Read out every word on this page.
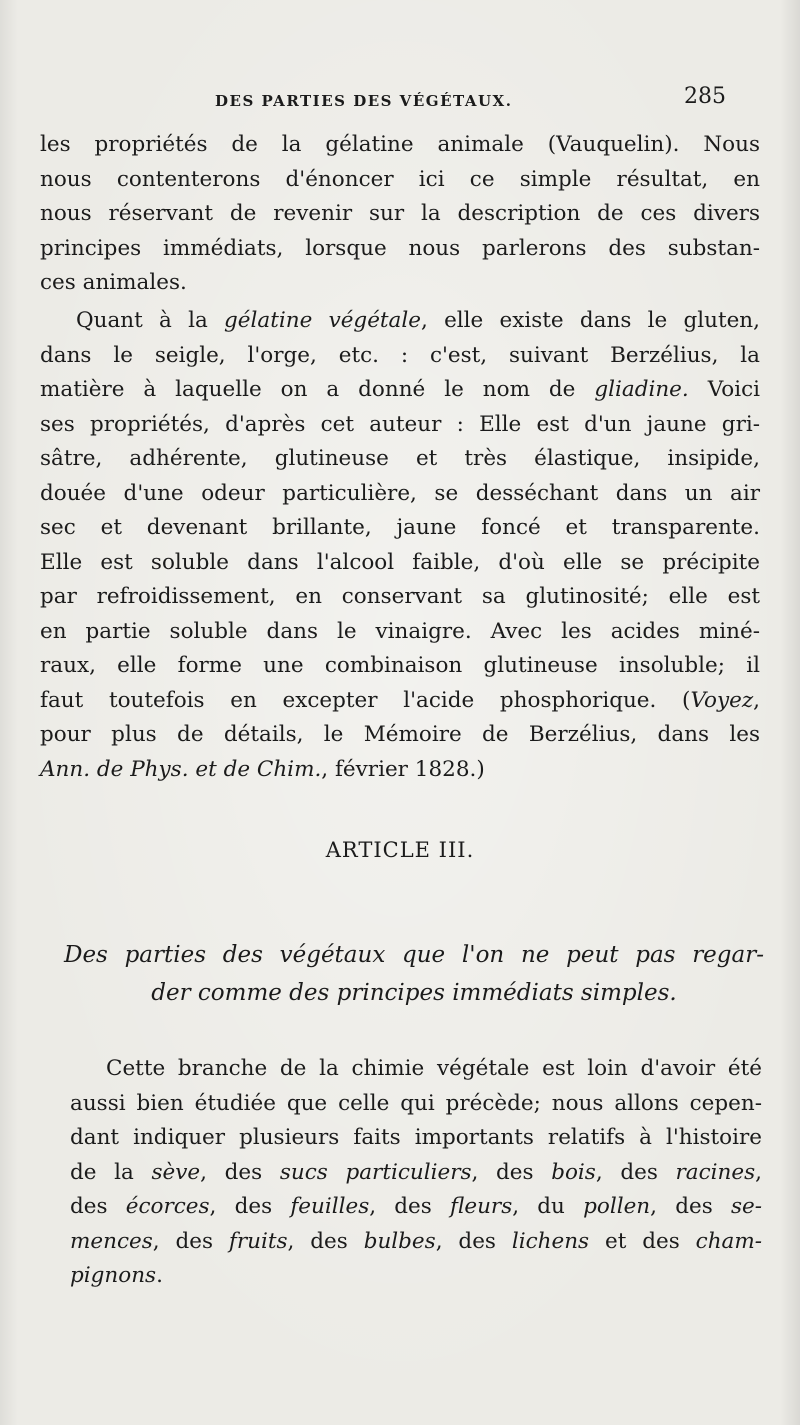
DES PARTIES DES VÉGÉTAUX.	285
les propriétés de la gélatine animale (Vauquelin). Nous
nous contenterons d'énoncer ici ce simple résultat, en
nous réservant de revenir sur la description de ces divers
principes immédiats, lorsque nous parlerons des substan-
ces animales.
Quant à la gélatine végétale, elle existe dans le gluten,
dans le seigle, l'orge, etc. : c'est, suivant Berzélius, la
matière à laquelle on a donné le nom de gliadine. Voici
ses propriétés, d'après cet auteur : Elle est d'un jaune gri-
sâtre, adhérente, glutineuse et très élastique, insipide,
douée d'une odeur particulière, se desséchant dans un air
sec et devenant brillante, jaune foncé et transparente.
Elle est soluble dans l'alcool faible, d'où elle se précipite
par refroidissement, en conservant sa glutinosité; elle est
en partie soluble dans le vinaigre. Avec les acides miné-
raux, elle forme une combinaison glutineuse insoluble; il
faut toutefois en excepter l'acide phosphorique. (Voyez,
pour plus de détails, le Mémoire de Berzélius, dans les
Ann. de Phys. et de Chim., février 1828.)
ARTICLE III.
Des parties des végétaux que l'on ne peut pas regar-
der comme des principes immédiats simples.
Cette branche de la chimie végétale est loin d'avoir été
aussi bien étudiée que celle qui précède; nous allons cepen-
dant indiquer plusieurs faits importants relatifs à l'histoire
de la sève, des sucs particuliers, des bois, des racines,
des écorces, des feuilles, des fleurs, du pollen, des se-
mences, des fruits, des bulbes, des lichens et des cham-
pignons.
